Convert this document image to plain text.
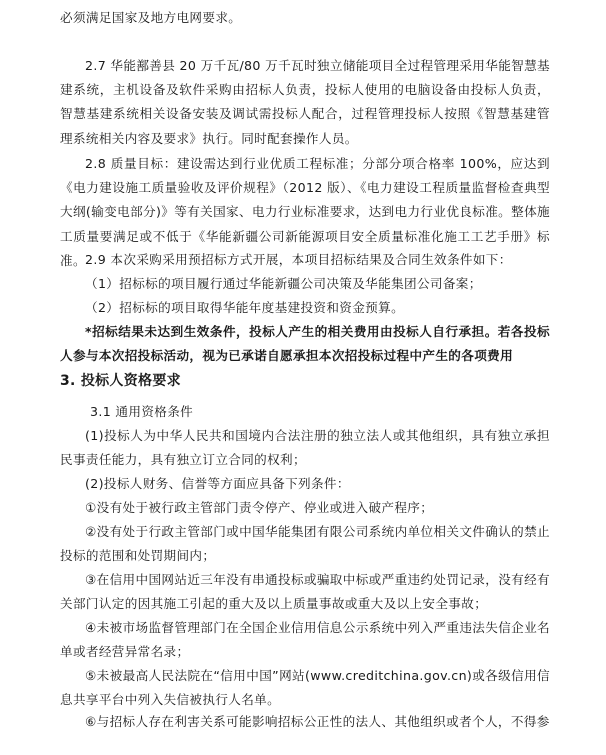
必须满足国家及地方电网要求。

2.7 华能鄯善县 20 万千瓦/80 万千瓦时独立储能项目全过程管理采用华能智慧基建系统，主机设备及软件采购由招标人负责，投标人使用的电脑设备由投标人负责，智慧基建系统相关设备安装及调试需投标人配合，过程管理投标人按照《智慧基建管理系统相关内容及要求》执行。同时配套操作人员。

2.8 质量目标：建设需达到行业优质工程标准；分部分项合格率 100%，应达到《电力建设施工质量验收及评价规程》（2012 版）、《电力建设工程质量监督检查典型大纲(输变电部分)》等有关国家、电力行业标准要求，达到电力行业优良标准。整体施工质量要满足或不低于《华能新疆公司新能源项目安全质量标准化施工工艺手册》标准。 2.9 本次采购采用预招标方式开展，本项目招标结果及合同生效条件如下：

（1）招标标的项目履行通过华能新疆公司决策及华能集团公司备案；

（2）招标标的项目取得华能年度基建投资和资金预算。

*招标结果未达到生效条件，投标人产生的相关费用由投标人自行承担。若各投标人参与本次招投标活动，视为已承诺自愿承担本次招投标过程中产生的各项费用

3. 投标人资格要求

3.1 通用资格条件

(1)投标人为中华人民共和国境内合法注册的独立法人或其他组织，具有独立承担民事责任能力，具有独立订立合同的权利；

(2)投标人财务、信誉等方面应具备下列条件：

①没有处于被行政主管部门责令停产、停业或进入破产程序；

②没有处于行政主管部门或中国华能集团有限公司系统内单位相关文件确认的禁止投标的范围和处罚期间内；

③在信用中国网站近三年没有串通投标或骗取中标或严重违约处罚记录，没有经有关部门认定的因其施工引起的重大及以上质量事故或重大及以上安全事故；

④未被市场监督管理部门在全国企业信用信息公示系统中列入严重违法失信企业名单或者经营异常名录；

⑤未被最高人民法院在“信用中国”网站(www.creditchina.gov.cn)或各级信用信息共享平台中列入失信被执行人名单。

⑥与招标人存在利害关系可能影响招标公正性的法人、其他组织或者个人，不得参
